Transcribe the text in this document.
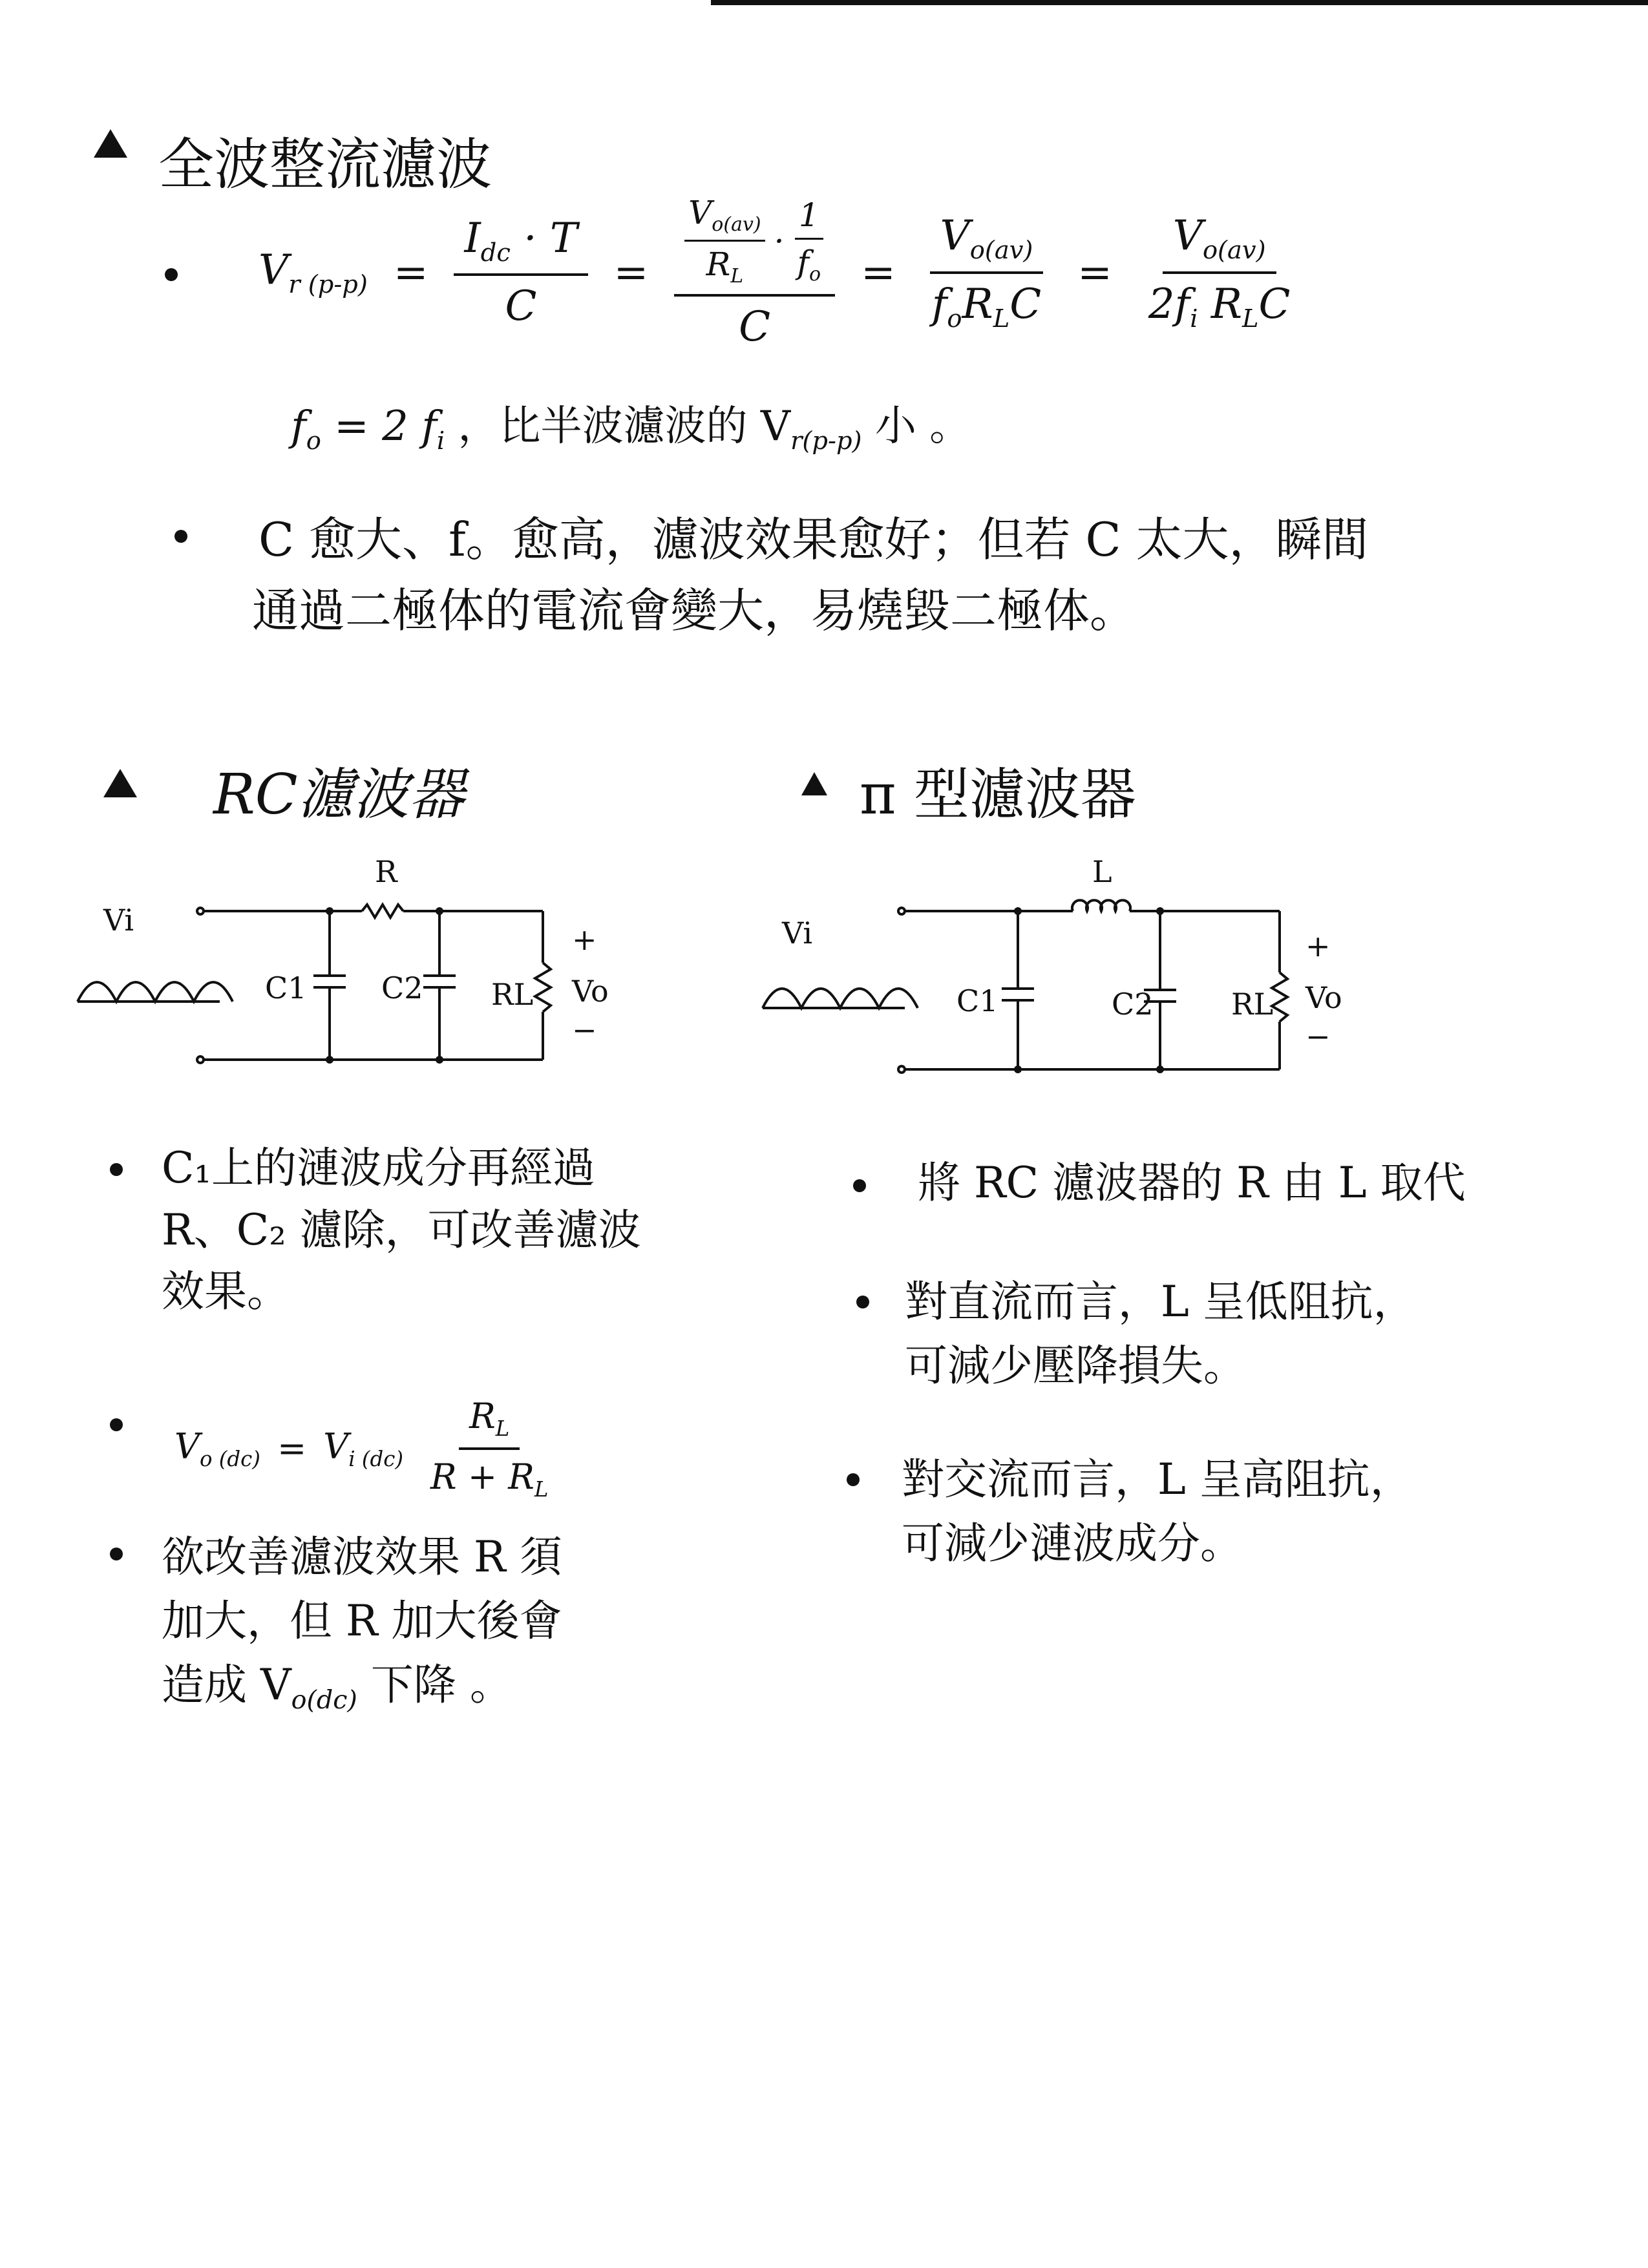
全波整流濾波
$V_{r (p-p)} = \frac{I_{dc} \cdot T}{C} = \frac{\frac{V_{o(av)}}{R_L} \cdot \frac{1}{f_o}}{C} = \frac{V_{o(av)}}{f_oR_LC} = \frac{V_{o(av)}}{2f_i R_LC}$
$f_o = 2$ $f_i$ ，比半波濾波的 $V_{r(p-p)}$ 小 。
C 愈大、f。愈高，濾波效果愈好；但若 C 太大，瞬間
通過二極体的電流會變大，易燒毀二極体。
RC濾波器
Vi
R
C1	C2 RL
+
Vo
−
C₁上的漣波成分再經過
R、C₂ 濾除，可改善濾波
效果。
$V_{o (dc)} = V_{i (dc)} \frac{R_L}{R + R_L}$
欲改善濾波效果 R 須
加大，但 R 加大後會
造成 $V_{o(dc)}$ 下降 。
π 型濾波器
Vi
L
C1	C2	RL
+
Vo
−
將 RC 濾波器的 R 由 L 取代
對直流而言，L 呈低阻抗，
可減少壓降損失。
對交流而言，L 呈高阻抗，
可減少漣波成分。
